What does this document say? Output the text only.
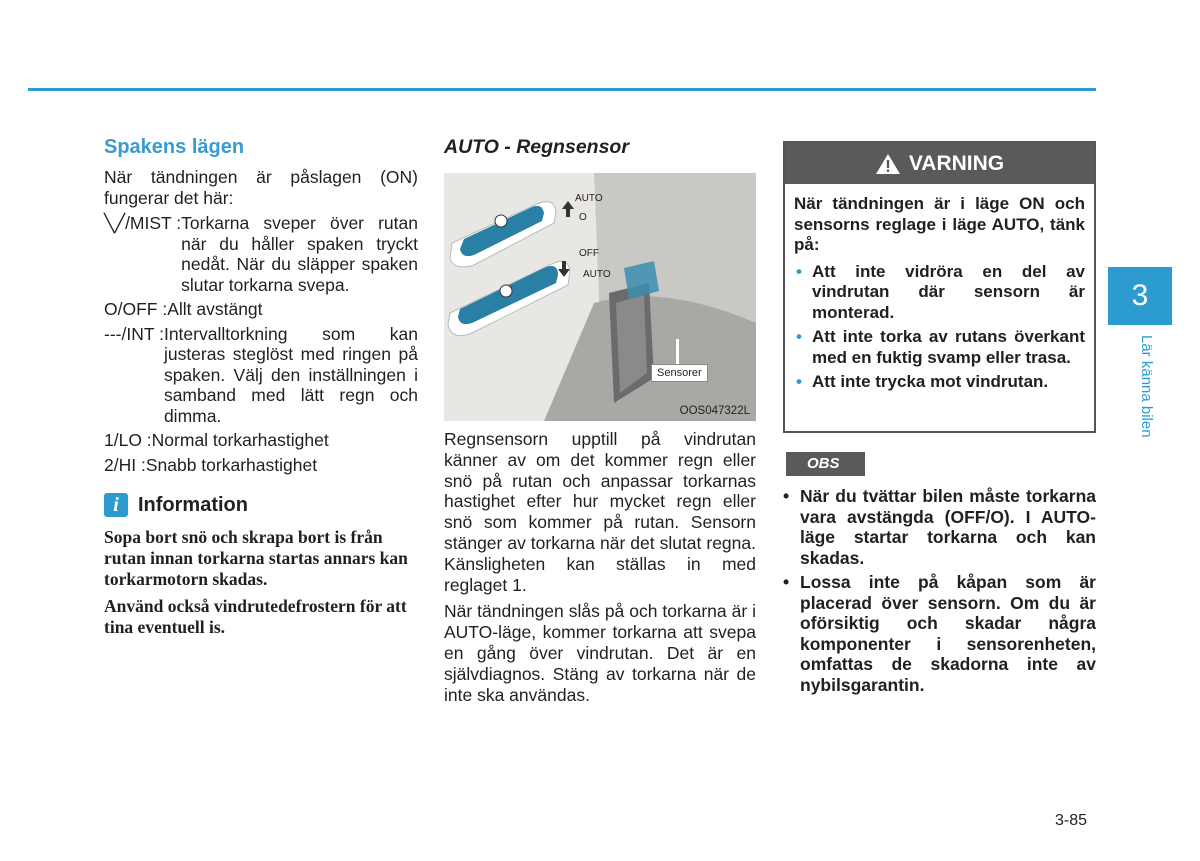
Spakens lägen

När tändningen är påslagen (ON) fungerar det här:

╲╱/MIST : Torkarna sveper över rutan när du håller spaken tryckt nedåt. När du släpper spaken slutar torkarna svepa.
O/OFF : Allt avstängt
---/INT : Intervalltorkning som kan justeras steglöst med ringen på spaken. Välj den inställningen i samband med lätt regn och dimma.
1/LO : Normal torkarhastighet
2/HI : Snabb torkarhastighet
i Information

Sopa bort snö och skrapa bort is från rutan innan torkarna startas annars kan torkarmotorn skadas.

Använd också vindrutedefrostern för att tina eventuell is.

AUTO - Regnsensor
AUTO
O
OFF
AUTO
Sensorer
OOS047322L

Regnsensorn upptill på vindrutan känner av om det kommer regn eller snö på rutan och anpassar torkarnas hastighet efter hur mycket regn eller snö som kommer på rutan. Sensorn stänger av torkarna när det slutat regna. Känsligheten kan ställas in med reglaget 1.

När tändningen slås på och torkarna är i AUTO-läge, kommer torkarna att svepa en gång över vindrutan. Det är en självdiagnos. Stäng av torkarna när de inte ska användas.

VARNING

När tändningen är i läge ON och sensorns reglage i läge AUTO, tänk på:

• Att inte vidröra en del av vindrutan där sensorn är monterad.
• Att inte torka av rutans överkant med en fuktig svamp eller trasa.
• Att inte trycka mot vindrutan.
OBS
• När du tvättar bilen måste torkarna vara avstängda (OFF/O). I AUTO-läge startar torkarna och kan skadas.
• Lossa inte på kåpan som är placerad över sensorn. Om du är oförsiktig och skadar några komponenter i sensorenheten, omfattas de skadorna inte av nybilsgarantin.
3
Lär känna bilen
3-85
